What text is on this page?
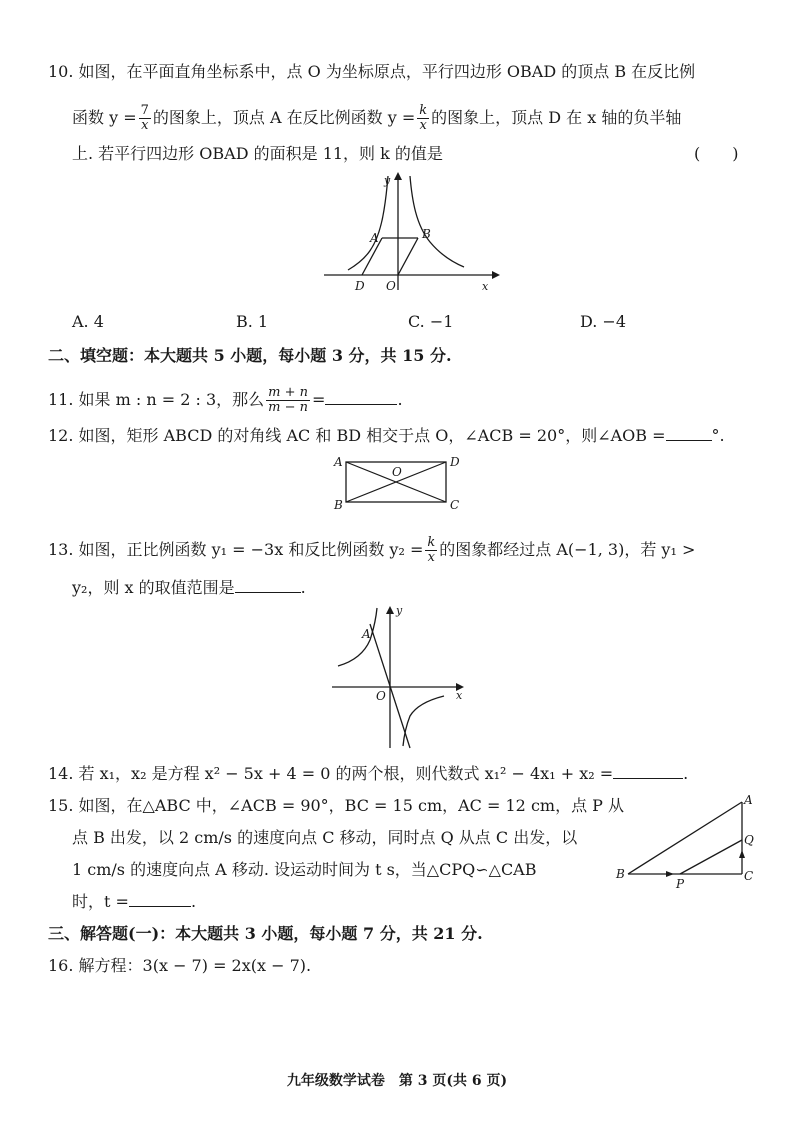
10. 如图，在平面直角坐标系中，点 O 为坐标原点，平行四边形 OBAD 的顶点 B 在反比例
函数 $y = \frac{7}{x}$ 的图象上，顶点 A 在反比例函数 $y = \frac{k}{x}$ 的图象上，顶点 D 在 x 轴的负半轴
上. 若平行四边形 OBAD 的面积是 11，则 k 的值是	(　　)
y
x
A	B
D O
A. 4	B. 1	C. −1	D. −4
二、填空题：本大题共 5 小题，每小题 3 分，共 15 分.
11. 如果 m : n = 2 : 3，那么 $\frac{m + n}{m - n}$ =	.
12. 如图，矩形 ABCD 的对角线 AC 和 BD 相交于点 O，∠ACB = 20°，则∠AOB =	°.
A	D
B	C
O
13. 如图，正比例函数 y₁ = −3x 和反比例函数 $y_2 = \frac{k}{x}$ 的图象都经过点 A(−1, 3)，若 y₁ >
y₂，则 x 的取值范围是	.
y
x
A
O
14. 若 x₁，x₂ 是方程 x² − 5x + 4 = 0 的两个根，则代数式 x₁² − 4x₁ + x₂ =	.
15. 如图，在△ABC 中，∠ACB = 90°，BC = 15 cm，AC = 12 cm，点 P 从
点 B 出发，以 2 cm/s 的速度向点 C 移动，同时点 Q 从点 C 出发，以
1 cm/s 的速度向点 A 移动. 设运动时间为 t s，当△CPQ∽△CAB
时，t =	.
A
Q
C
B
P
三、解答题(一)：本大题共 3 小题，每小题 7 分，共 21 分.
16. 解方程：3(x − 7) = 2x(x − 7).
九年级数学试卷　第 3 页(共 6 页)
